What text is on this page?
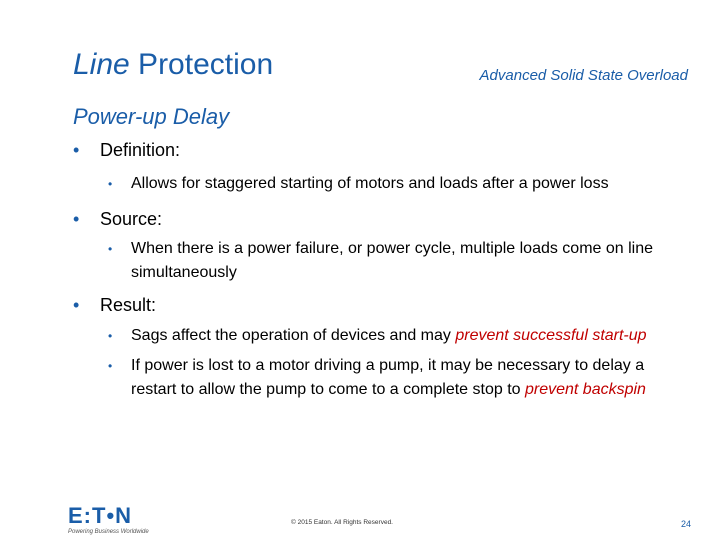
Line Protection	Advanced Solid State Overload
Power-up Delay
• Definition:
• Allows for staggered starting of motors and loads after a power loss
• Source:
• When there is a power failure, or power cycle, multiple loads come on line simultaneously
• Result:
• Sags affect the operation of devices and may prevent successful start-up
• If power is lost to a motor driving a pump, it may be necessary to delay a restart to allow the pump to come to a complete stop to prevent backspin
E:T•N
Powering Business Worldwide
© 2015 Eaton. All Rights Reserved.	24
